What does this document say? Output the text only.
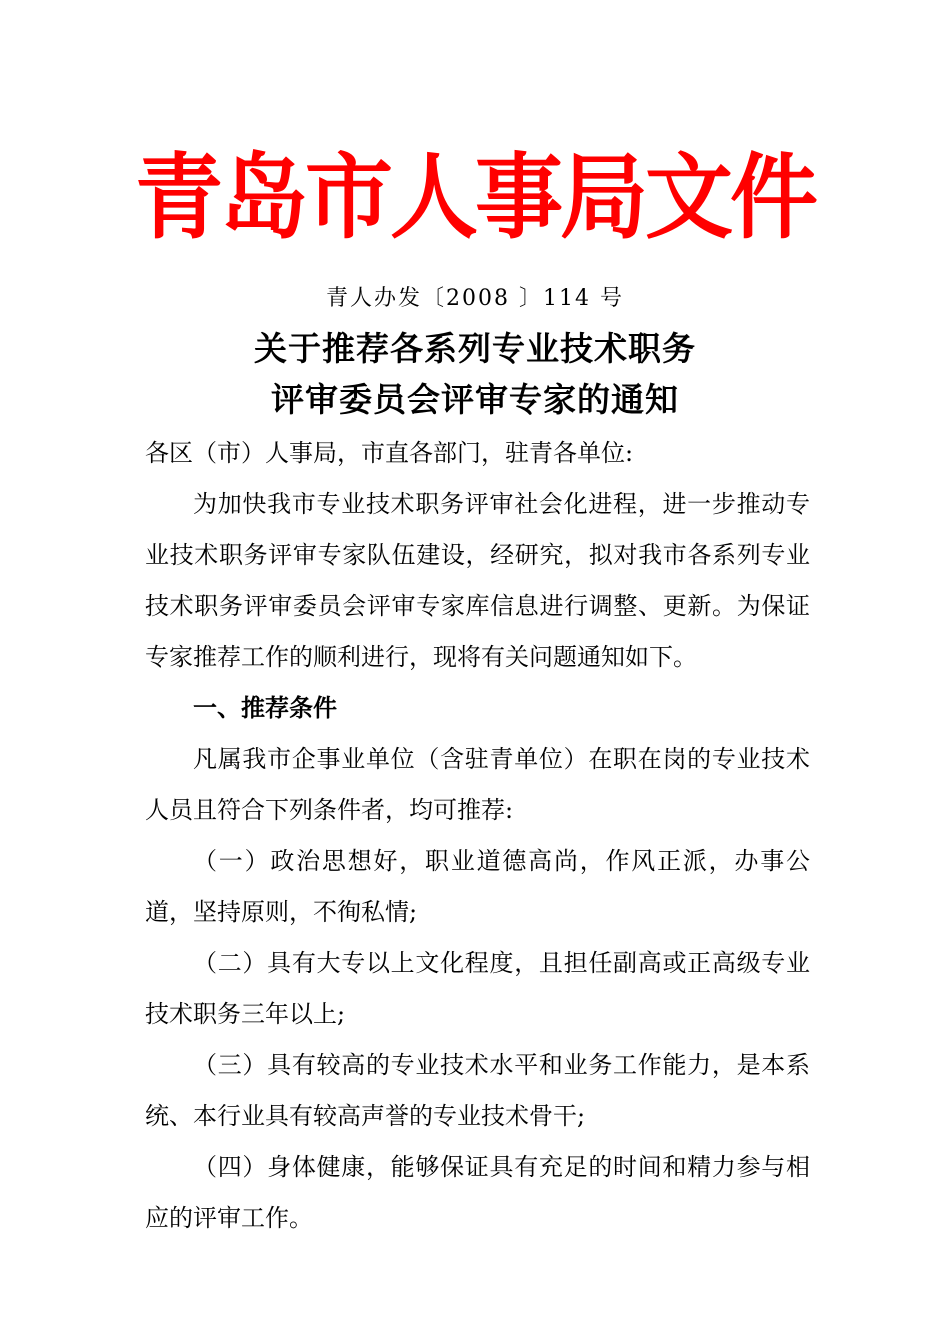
青岛市人事局文件
青人办发〔2008 〕114 号
关于推荐各系列专业技术职务
评审委员会评审专家的通知

各区（市）人事局，市直各部门，驻青各单位:

为加快我市专业技术职务评审社会化进程，进一步推动专业技术职务评审专家队伍建设，经研究，拟对我市各系列专业技术职务评审委员会评审专家库信息进行调整、更新。为保证专家推荐工作的顺利进行，现将有关问题通知如下。

一、推荐条件

凡属我市企事业单位（含驻青单位）在职在岗的专业技术人员且符合下列条件者，均可推荐:

（一）政治思想好，职业道德高尚，作风正派，办事公道，坚持原则，不徇私情;

（二）具有大专以上文化程度，且担任副高或正高级专业技术职务三年以上;

（三）具有较高的专业技术水平和业务工作能力，是本系统、本行业具有较高声誉的专业技术骨干;

（四）身体健康，能够保证具有充足的时间和精力参与相应的评审工作。
